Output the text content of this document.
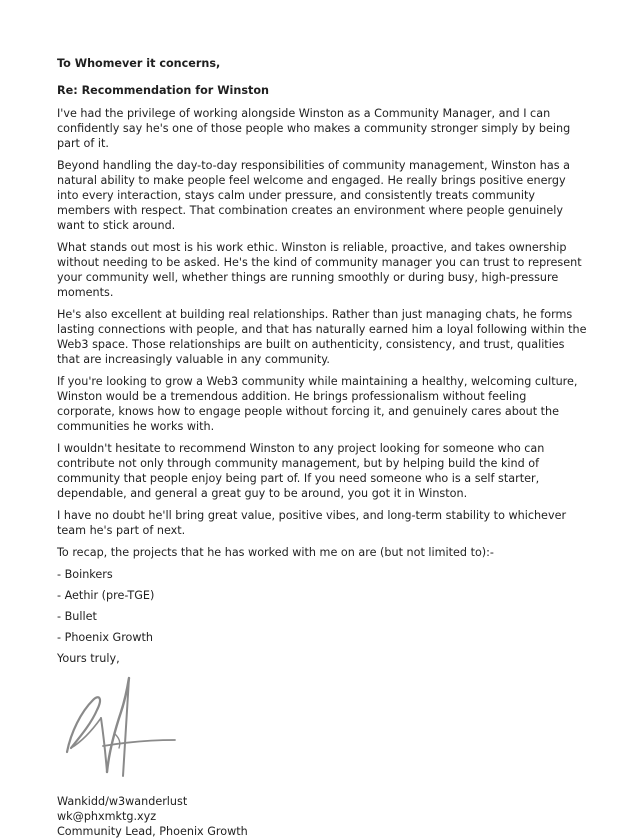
To Whomever it concerns,

Re: Recommendation for Winston

I've had the privilege of working alongside Winston as a Community Manager, and I can confidently say he's one of those people who makes a community stronger simply by being part of it.

Beyond handling the day-to-day responsibilities of community management, Winston has a natural ability to make people feel welcome and engaged. He really brings positive energy into every interaction, stays calm under pressure, and consistently treats community members with respect. That combination creates an environment where people genuinely want to stick around.

What stands out most is his work ethic. Winston is reliable, proactive, and takes ownership without needing to be asked. He's the kind of community manager you can trust to represent your community well, whether things are running smoothly or during busy, high-pressure moments.

He's also excellent at building real relationships. Rather than just managing chats, he forms lasting connections with people, and that has naturally earned him a loyal following within the Web3 space. Those relationships are built on authenticity, consistency, and trust, qualities that are increasingly valuable in any community.

If you're looking to grow a Web3 community while maintaining a healthy, welcoming culture, Winston would be a tremendous addition. He brings professionalism without feeling corporate, knows how to engage people without forcing it, and genuinely cares about the communities he works with.

I wouldn't hesitate to recommend Winston to any project looking for someone who can contribute not only through community management, but by helping build the kind of community that people enjoy being part of. If you need someone who is a self starter, dependable, and general a great guy to be around, you got it in Winston.

I have no doubt he'll bring great value, positive vibes, and long-term stability to whichever team he's part of next.

To recap, the projects that he has worked with me on are (but not limited to):-

- Boinkers

- Aethir (pre-TGE)

- Bullet

- Phoenix Growth

Yours truly,

Wankidd/w3wanderlust

wk@phxmktg.xyz

Community Lead, Phoenix Growth
